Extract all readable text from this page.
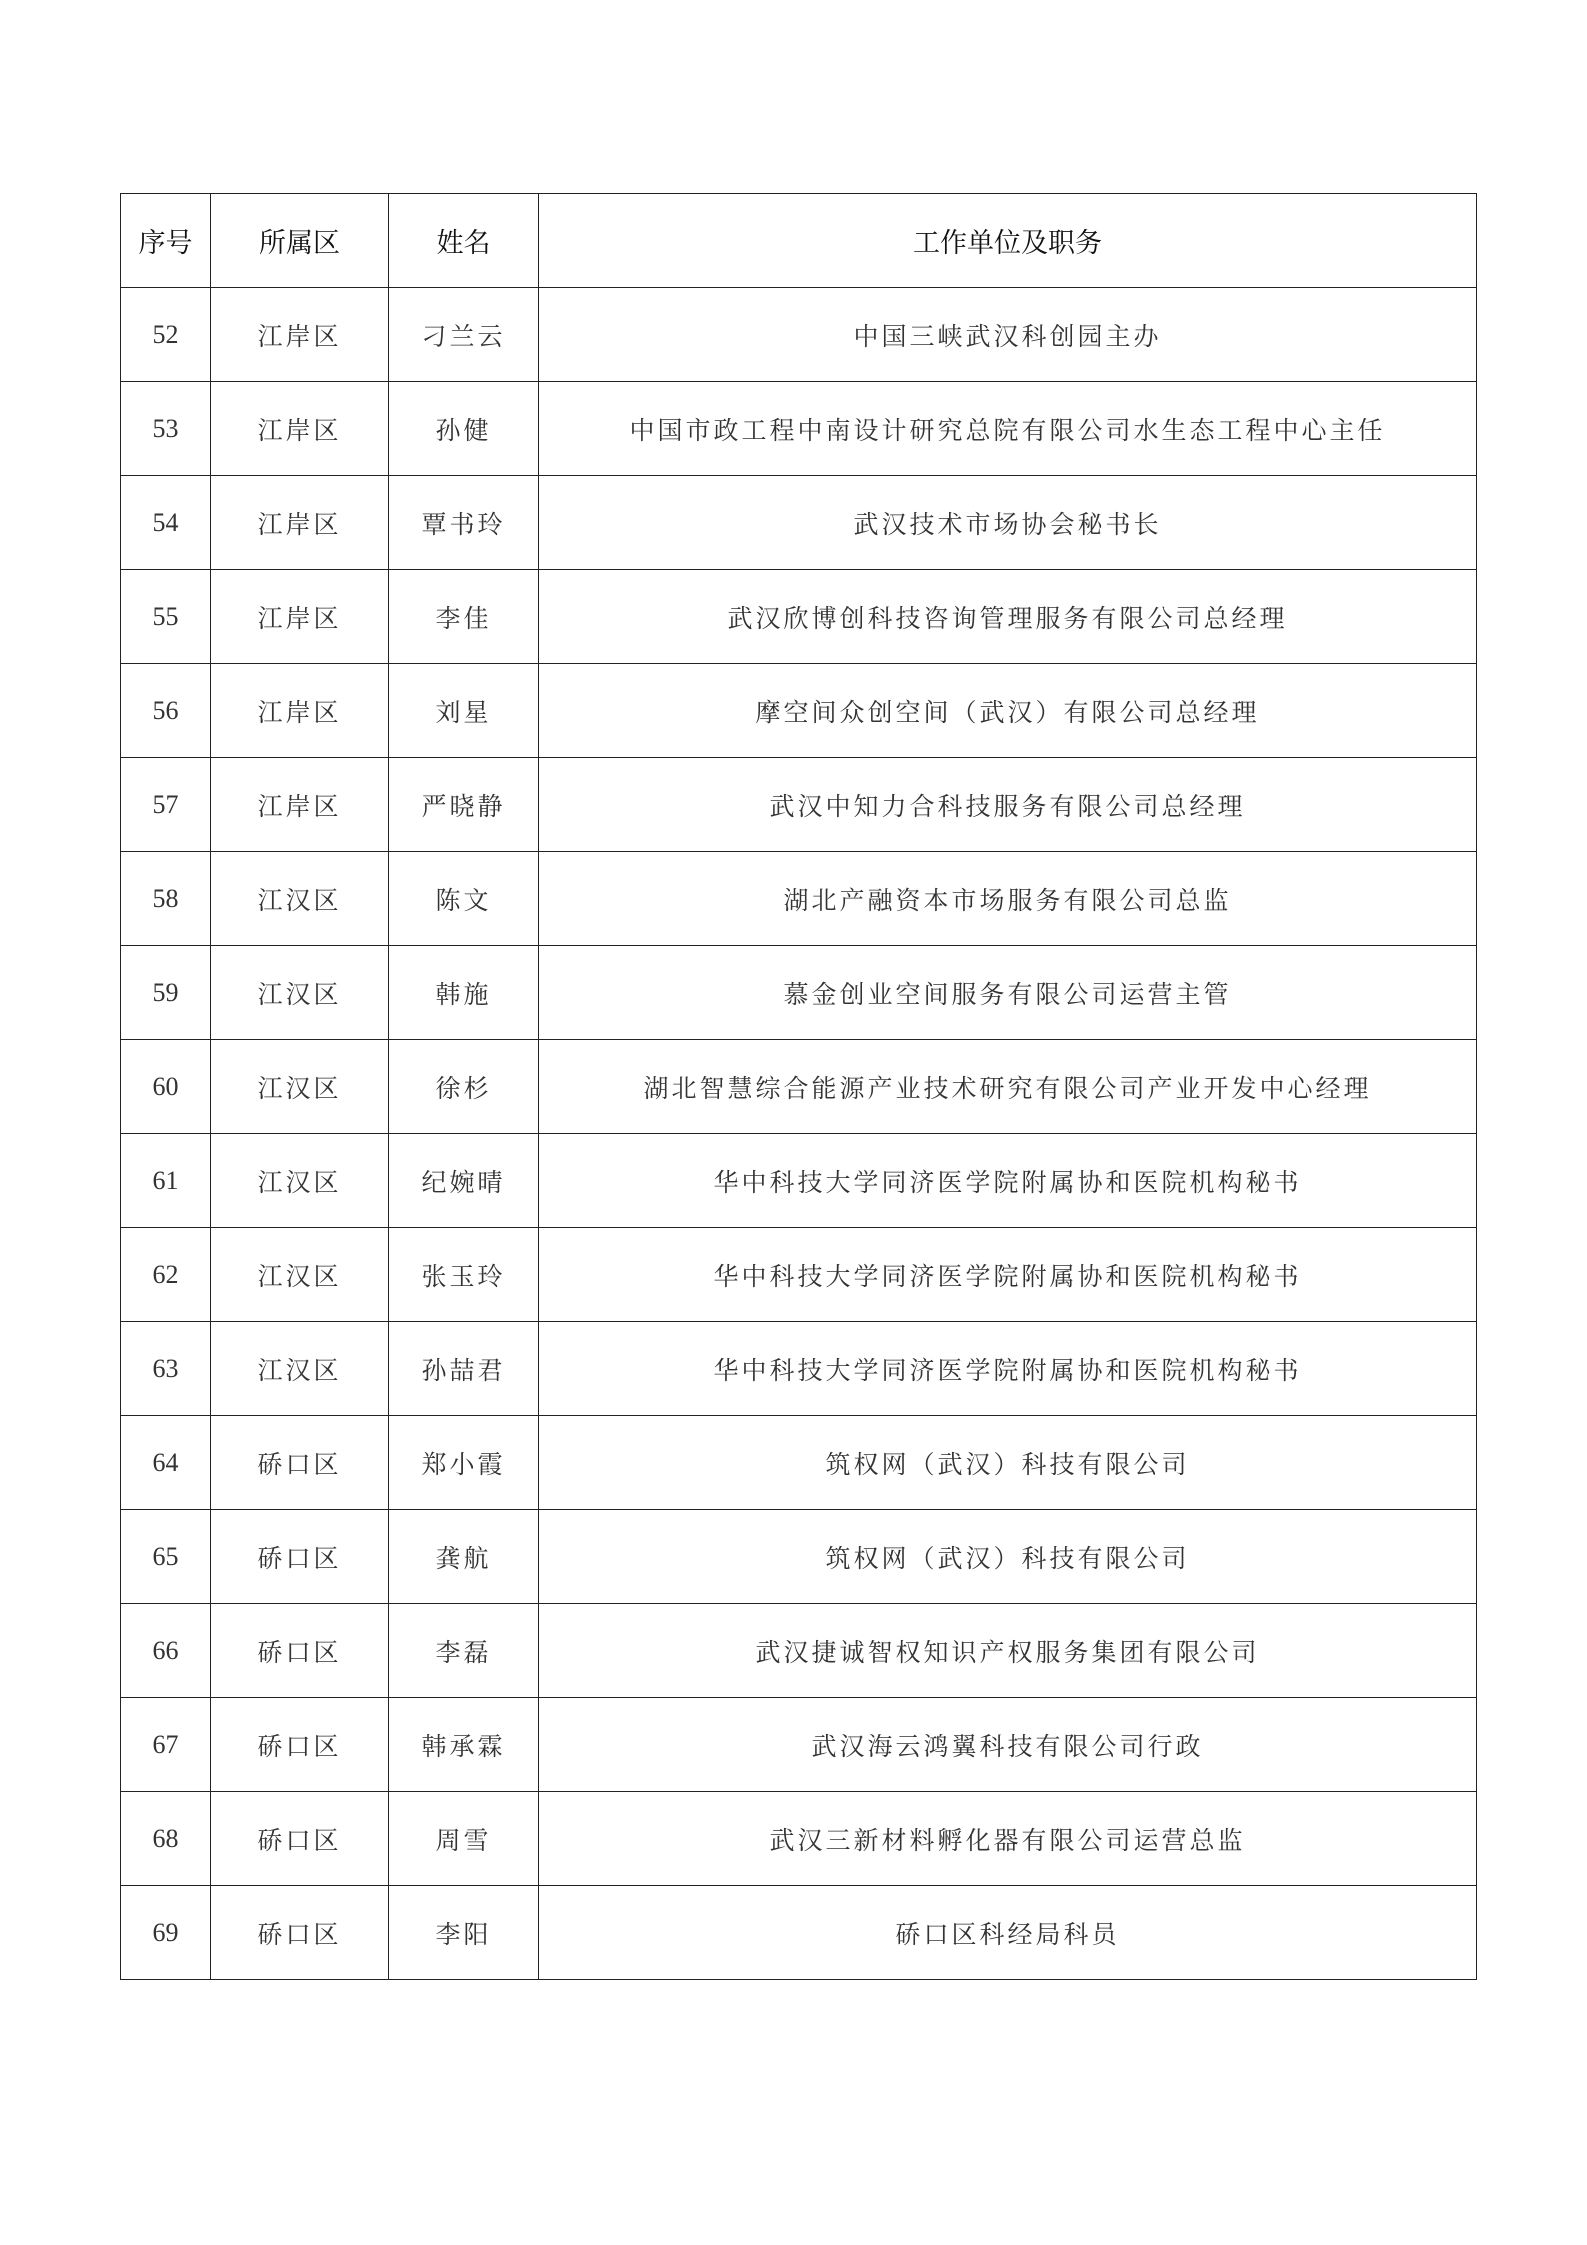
序号	所属区	姓名	工作单位及职务
52	江岸区	刁兰云	中国三峡武汉科创园主办
53	江岸区	孙健	中国市政工程中南设计研究总院有限公司水生态工程中心主任
54	江岸区	覃书玲	武汉技术市场协会秘书长
55	江岸区	李佳	武汉欣博创科技咨询管理服务有限公司总经理
56	江岸区	刘星	摩空间众创空间（武汉）有限公司总经理
57	江岸区	严晓静	武汉中知力合科技服务有限公司总经理
58	江汉区	陈文	湖北产融资本市场服务有限公司总监
59	江汉区	韩施	慕金创业空间服务有限公司运营主管
60	江汉区	徐杉	湖北智慧综合能源产业技术研究有限公司产业开发中心经理
61	江汉区	纪婉晴	华中科技大学同济医学院附属协和医院机构秘书
62	江汉区	张玉玲	华中科技大学同济医学院附属协和医院机构秘书
63	江汉区	孙喆君	华中科技大学同济医学院附属协和医院机构秘书
64	硚口区	郑小霞	筑权网（武汉）科技有限公司
65	硚口区	龚航	筑权网（武汉）科技有限公司
66	硚口区	李磊	武汉捷诚智权知识产权服务集团有限公司
67	硚口区	韩承霖	武汉海云鸿翼科技有限公司行政
68	硚口区	周雪	武汉三新材料孵化器有限公司运营总监
69	硚口区	李阳	硚口区科经局科员
